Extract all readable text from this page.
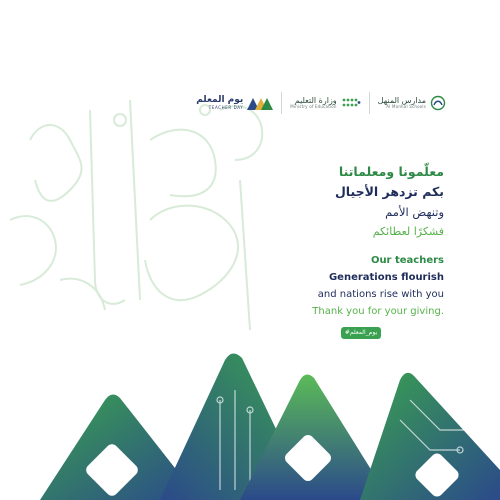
يوم المعلم
TEACHER DAY
وزارة التعليم
Ministry of Education
مدارس المنهل
Al Manhal Schools

معلّمونا ومعلماتنا

بكم تزدهر الأجيال

وتنهض الأمم

فشكرًا لعطائكم

Our teachers

Generations flourish

and nations rise with you

Thank you for your giving.

#يوم_المعلم
